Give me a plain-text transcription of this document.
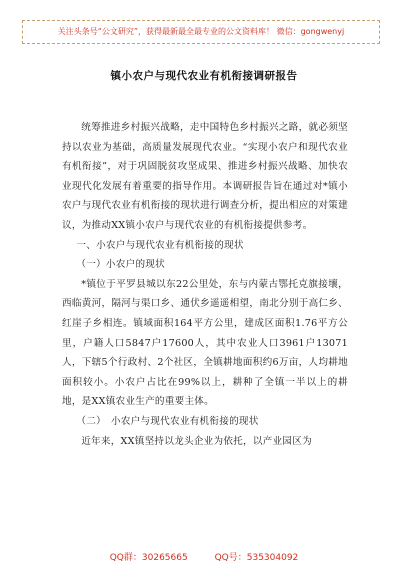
关注头条号“公文研究”，获得最新最全最专业的公文资料库！ 微信：gongwenyj
镇小农户与现代农业有机衔接调研报告

统筹推进乡村振兴战略，走中国特色乡村振兴之路，就必须坚持以农业为基础，高质量发展现代农业。“实现小农户和现代农业有机衔接”，对于巩固脱贫攻坚成果、推进乡村振兴战略、加快农业现代化发展有着重要的指导作用。本调研报告旨在通过对*镇小农户与现代农业有机衔接的现状进行调查分析，提出相应的对策建议，为推动XX镇小农户与现代农业的有机衔接提供参考。

一、小农户与现代农业有机衔接的现状

（一）小农户的现状

*镇位于平罗县城以东22公里处，东与内蒙古鄂托克旗接壤，西临黄河，隔河与渠口乡、通伏乡遥遥相望，南北分别于高仁乡、红崖子乡相连。镇域面积164平方公里，建成区面积1.76平方公里，户籍人口5847户17600人，其中农业人口3961户13071人，下辖5个行政村、2个社区，全镇耕地面积约6万亩，人均耕地面积较小。小农户占比在99%以上，耕种了全镇一半以上的耕地，是XX镇农业生产的重要主体。

（二）　小农户与现代农业有机衔接的现状

近年来，XX镇坚持以龙头企业为依托，以产业园区为

QQ群：30265665	QQ号：535304092
